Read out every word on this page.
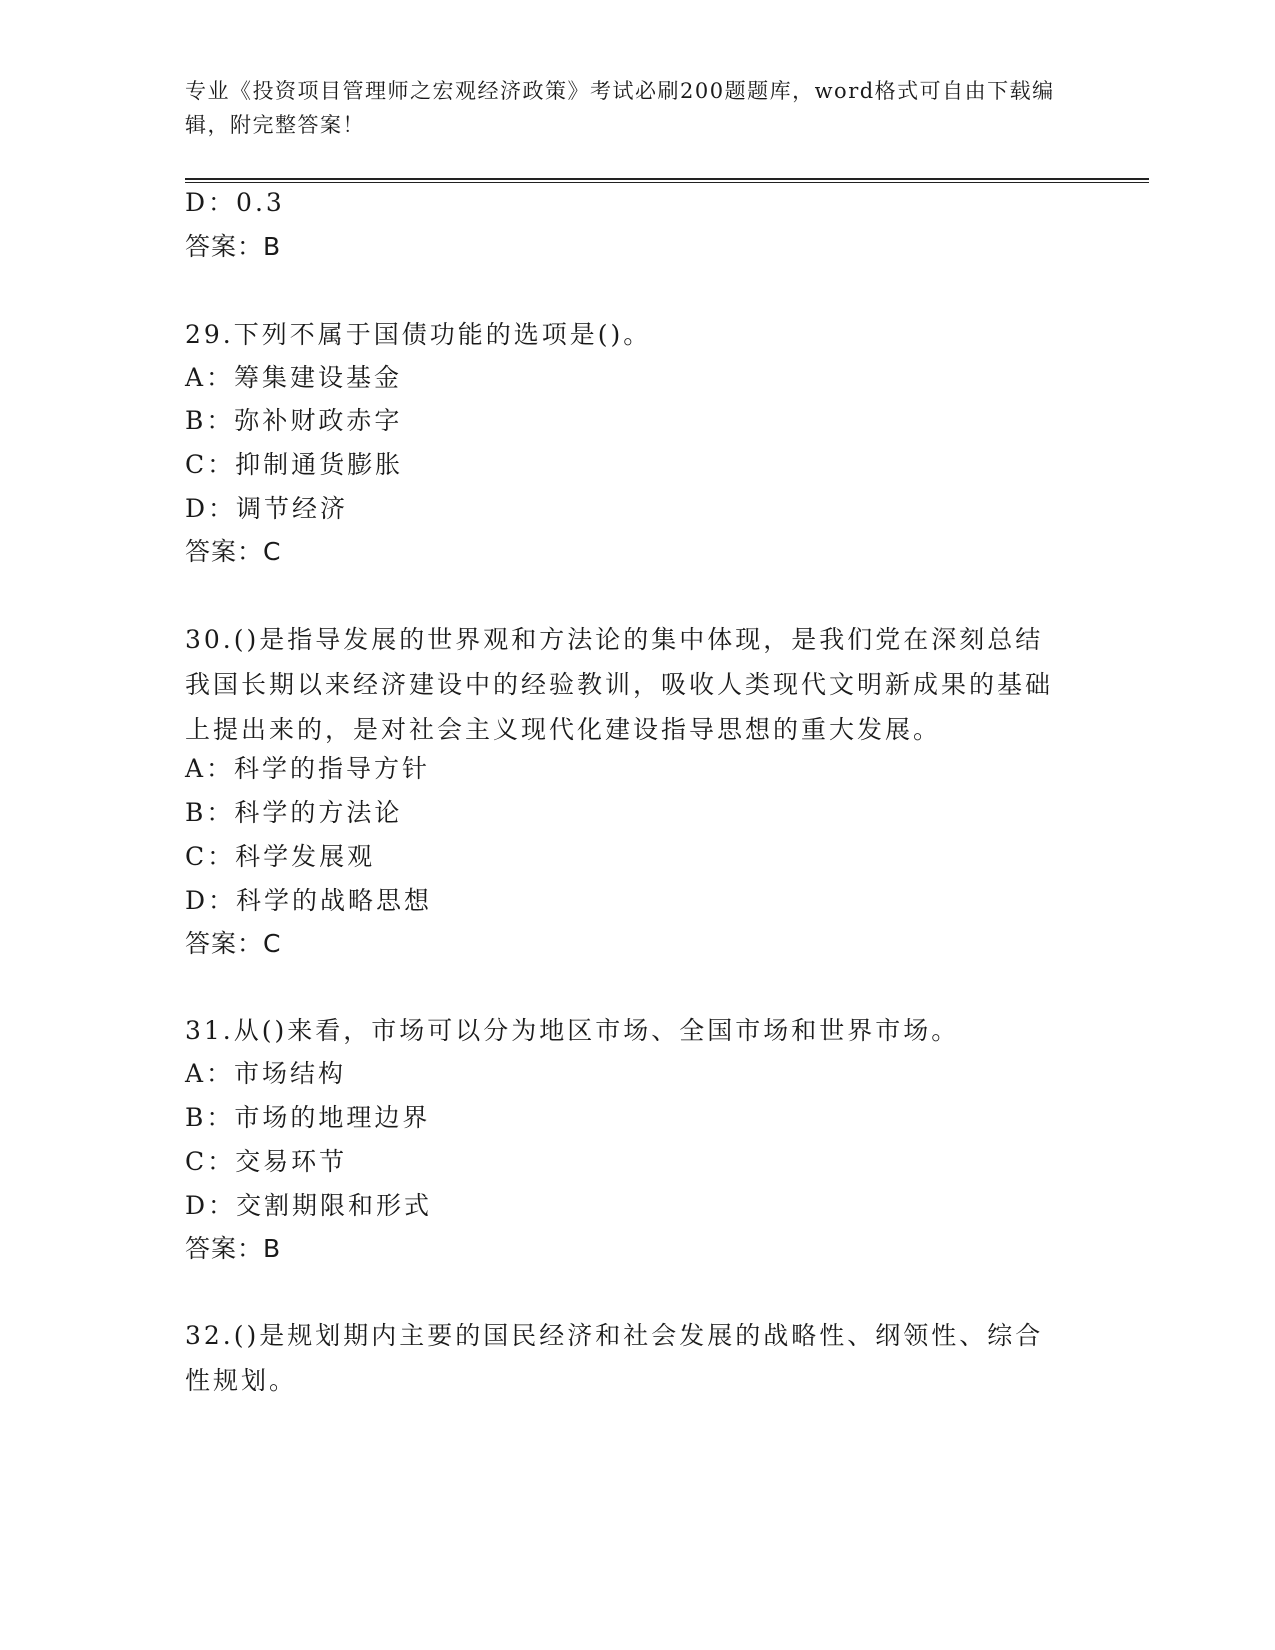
专业《投资项目管理师之宏观经济政策》考试必刷200题题库，word格式可自由下载编辑，附完整答案！
D：0.3
答案：B
29.下列不属于国债功能的选项是()。
A：筹集建设基金
B：弥补财政赤字
C：抑制通货膨胀
D：调节经济
答案：C
30.()是指导发展的世界观和方法论的集中体现，是我们党在深刻总结我国长期以来经济建设中的经验教训，吸收人类现代文明新成果的基础上提出来的，是对社会主义现代化建设指导思想的重大发展。
A：科学的指导方针
B：科学的方法论
C：科学发展观
D：科学的战略思想
答案：C
31.从()来看，市场可以分为地区市场、全国市场和世界市场。
A：市场结构
B：市场的地理边界
C：交易环节
D：交割期限和形式
答案：B
32.()是规划期内主要的国民经济和社会发展的战略性、纲领性、综合性规划。
